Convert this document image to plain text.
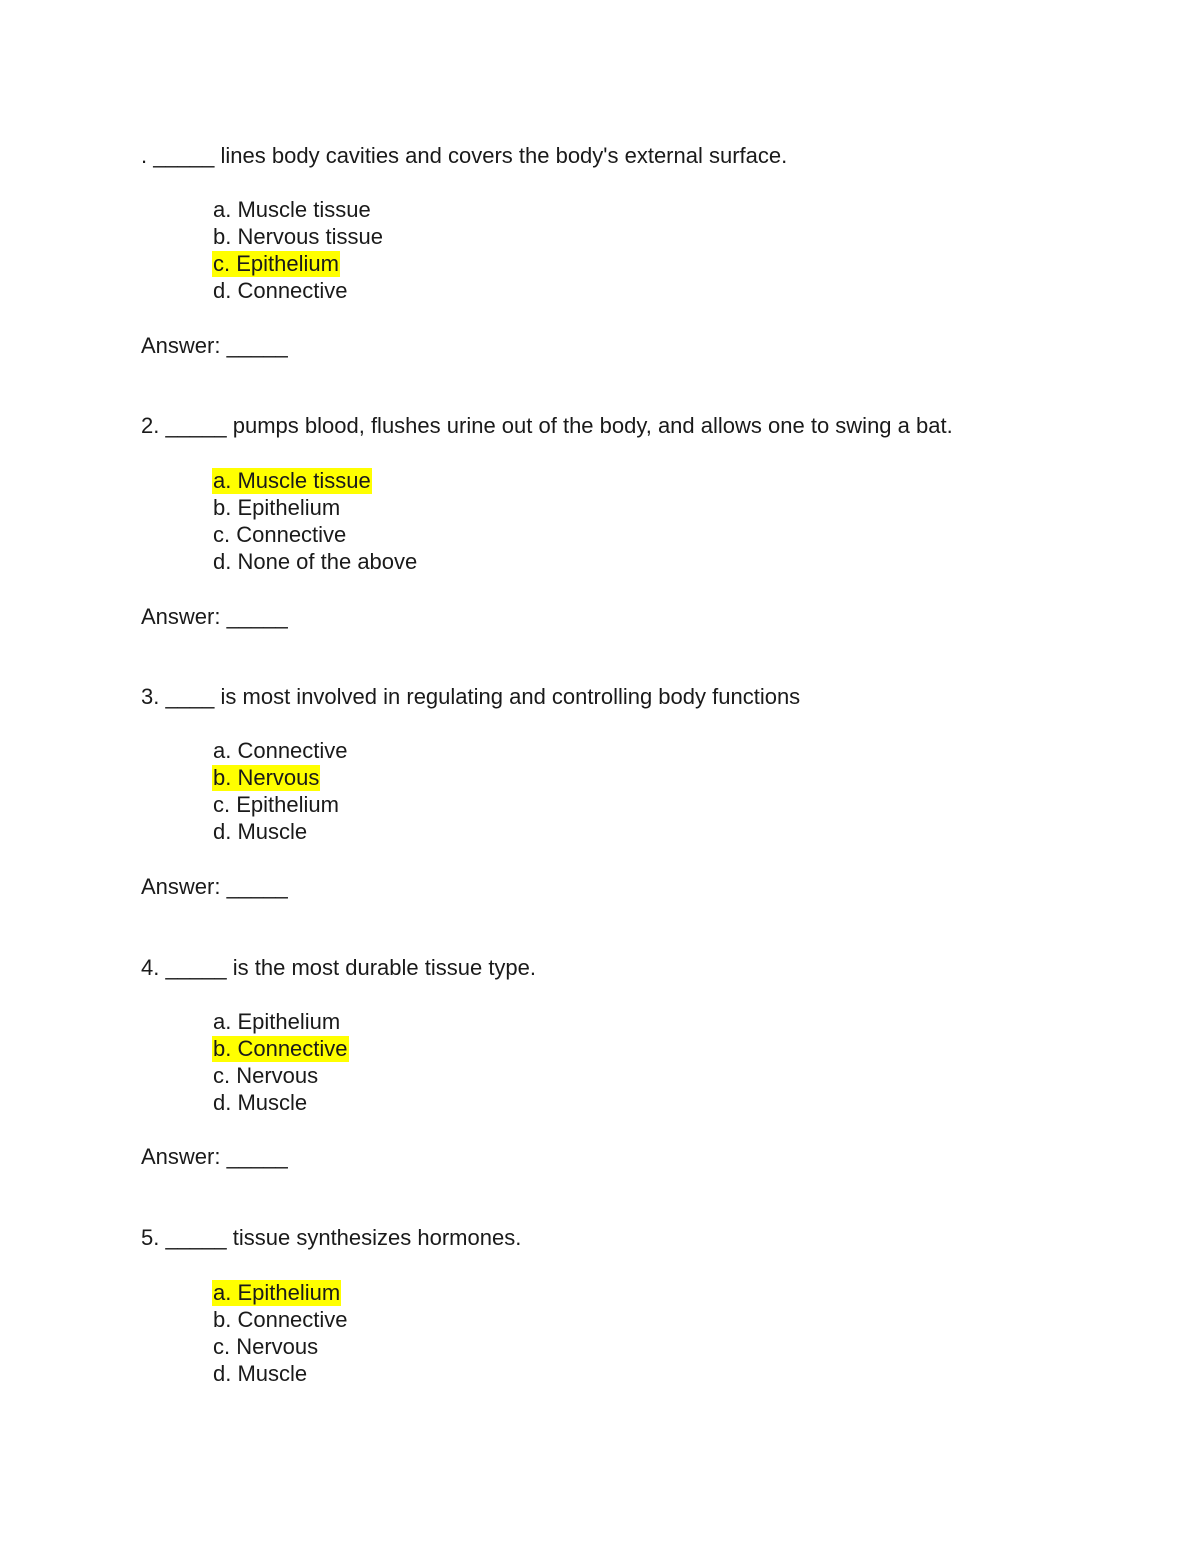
. _____ lines body cavities and covers the body's external surface.

a. Muscle tissue
b. Nervous tissue
c. Epithelium
d. Connective

Answer: _____

2. _____ pumps blood, flushes urine out of the body, and allows one to swing a bat.

a. Muscle tissue
b. Epithelium
c. Connective
d. None of the above

Answer: _____

3. ____ is most involved in regulating and controlling body functions

a. Connective
b. Nervous
c. Epithelium
d. Muscle

Answer: _____

4. _____ is the most durable tissue type.

a. Epithelium
b. Connective
c. Nervous
d. Muscle

Answer: _____

5. _____ tissue synthesizes hormones.

a. Epithelium
b. Connective
c. Nervous
d. Muscle
